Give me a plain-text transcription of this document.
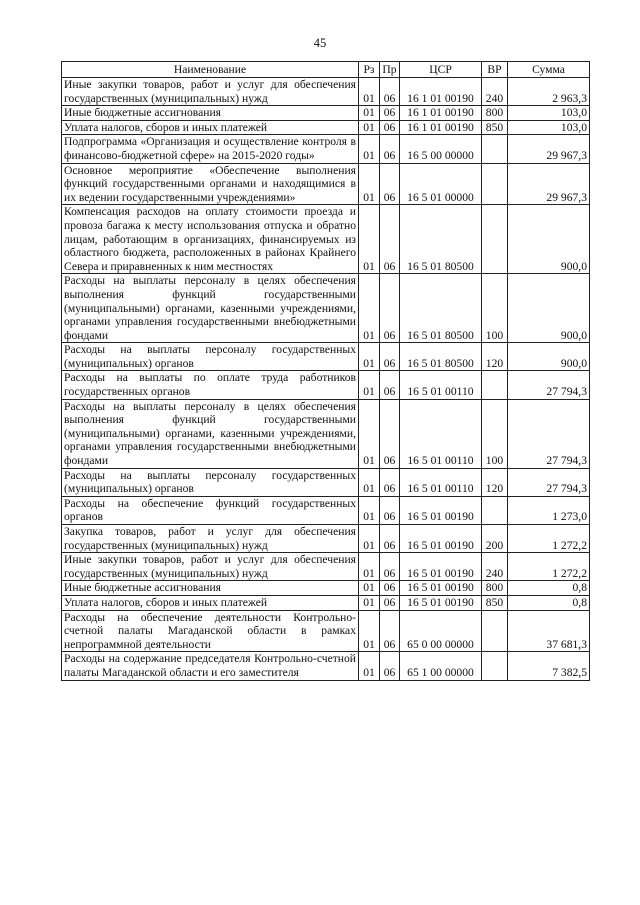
45
Наименование	Рз	Пр	ЦСР	ВР	Сумма
Иные закупки товаров, работ и услуг для обеспечения государственных (муниципальных) нужд	01	06	16 1 01 00190	240	2 963,3
Иные бюджетные ассигнования	01	06	16 1 01 00190	800	103,0
Уплата налогов, сборов и иных платежей	01	06	16 1 01 00190	850	103,0
Подпрограмма «Организация и осуществление контроля в финансово-бюджетной сфере» на 2015-2020 годы»	01	06	16 5 00 00000		29 967,3
Основное мероприятие «Обеспечение выполнения функций государственными органами и находящимися в их ведении государственными учреждениями»	01	06	16 5 01 00000		29 967,3
Компенсация расходов на оплату стоимости проезда и провоза багажа к месту использования отпуска и обратно лицам, работающим в организациях, финансируемых из областного бюджета, расположенных в районах Крайнего Севера и приравненных к ним местностях	01	06	16 5 01 80500		900,0
Расходы на выплаты персоналу в целях обеспечения выполнения функций государственными (муниципальными) органами, казенными учреждениями, органами управления государственными внебюджетными фондами	01	06	16 5 01 80500	100	900,0
Расходы на выплаты персоналу государственных (муниципальных) органов	01	06	16 5 01 80500	120	900,0
Расходы на выплаты по оплате труда работников государственных органов	01	06	16 5 01 00110		27 794,3
Расходы на выплаты персоналу в целях обеспечения выполнения функций государственными (муниципальными) органами, казенными учреждениями, органами управления государственными внебюджетными фондами	01	06	16 5 01 00110	100	27 794,3
Расходы на выплаты персоналу государственных (муниципальных) органов	01	06	16 5 01 00110	120	27 794,3
Расходы на обеспечение функций государственных органов	01	06	16 5 01 00190		1 273,0
Закупка товаров, работ и услуг для обеспечения государственных (муниципальных) нужд	01	06	16 5 01 00190	200	1 272,2
Иные закупки товаров, работ и услуг для обеспечения государственных (муниципальных) нужд	01	06	16 5 01 00190	240	1 272,2
Иные бюджетные ассигнования	01	06	16 5 01 00190	800	0,8
Уплата налогов, сборов и иных платежей	01	06	16 5 01 00190	850	0,8
Расходы на обеспечение деятельности Контрольно-счетной палаты Магаданской области в рамках непрограммной деятельности	01	06	65 0 00 00000		37 681,3
Расходы на содержание председателя Контрольно-счетной палаты Магаданской области и его заместителя	01	06	65 1 00 00000		7 382,5
